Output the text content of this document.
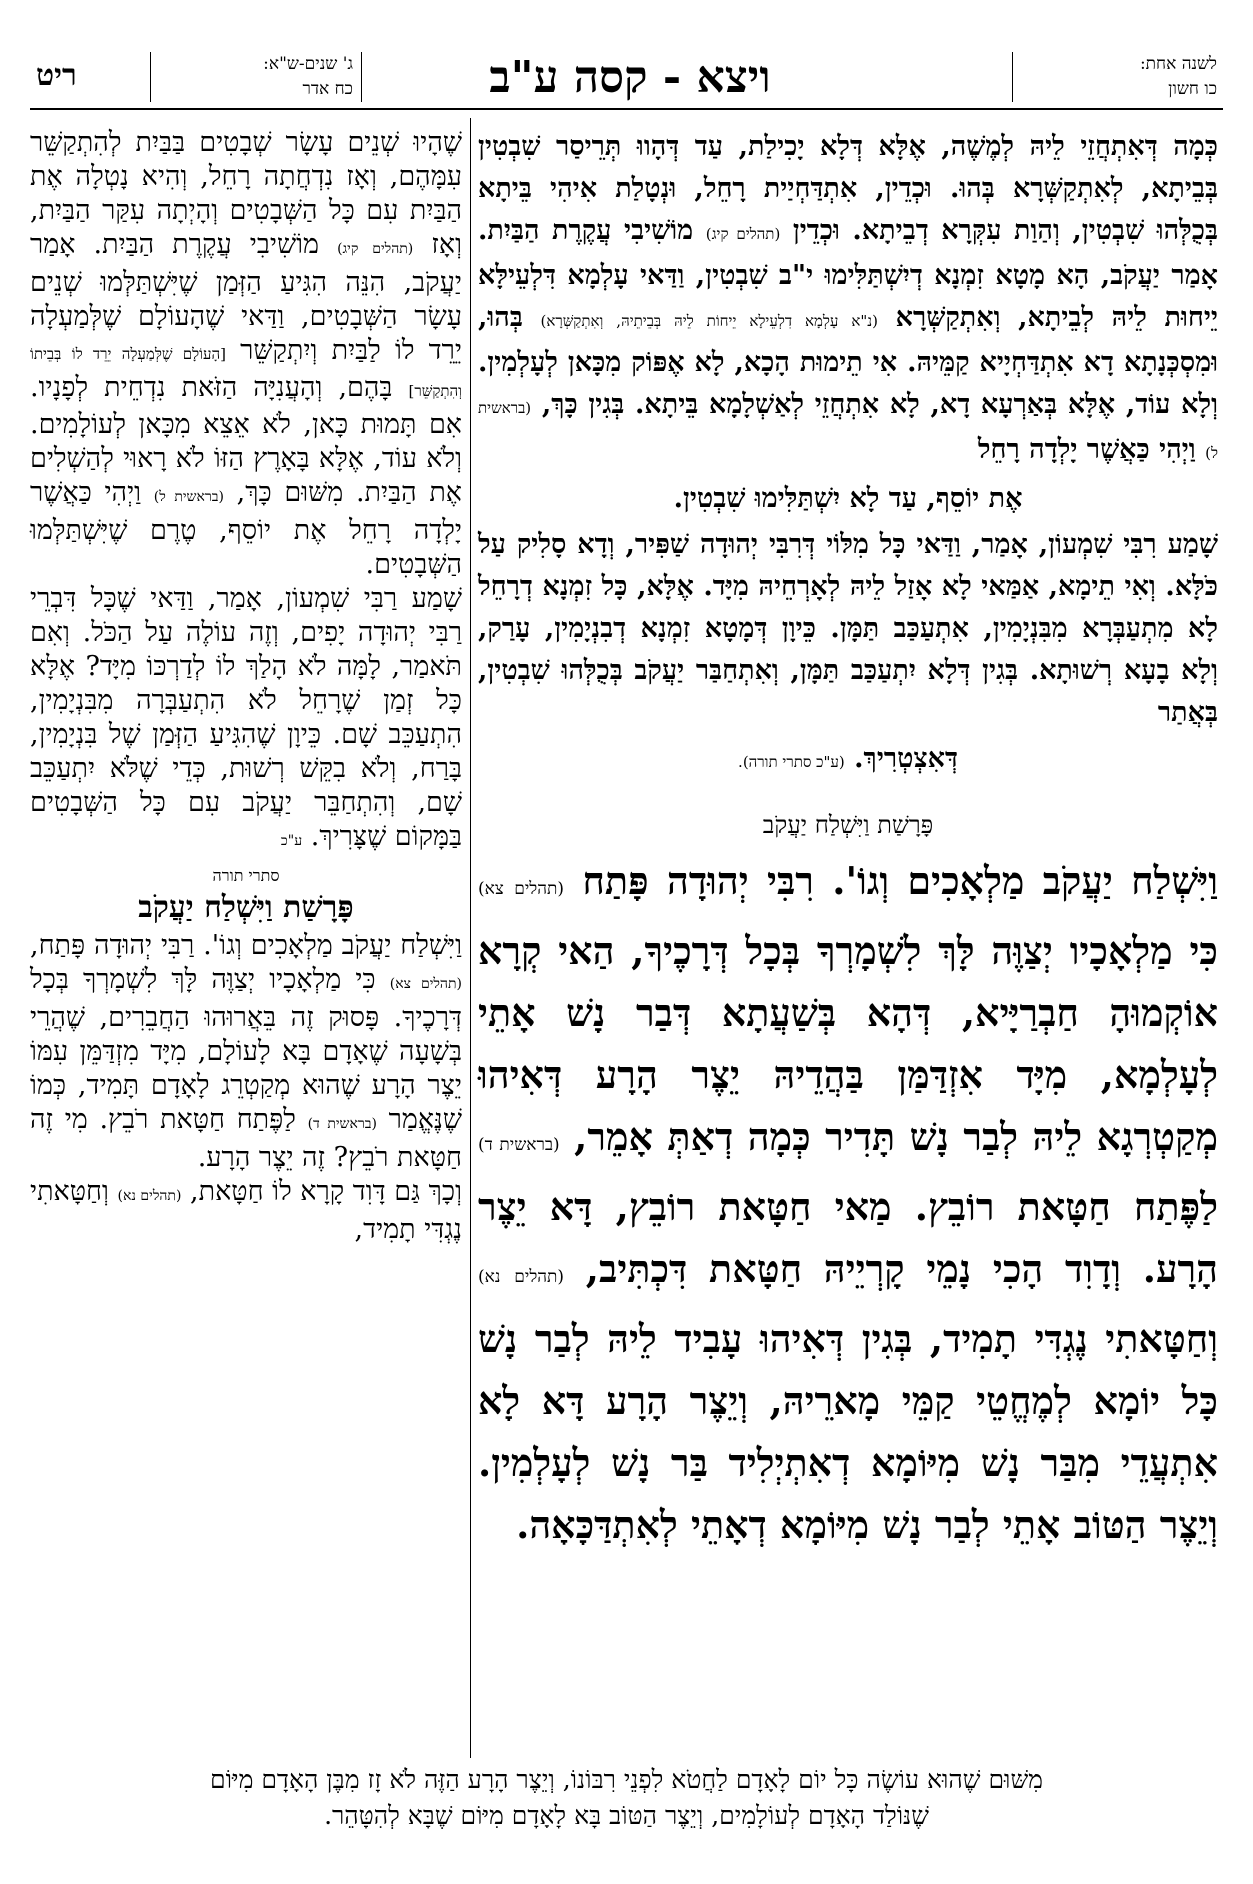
ריט	ג' שנים-ש"א:
כח אדר	ויצא - קסה ע"ב	לשנה אחת:
כו חשון

כְּמָה דְּאִתְחֲזֵי לֵיהּ לְמֶשֶׁה, אֶלָּא דְּלָא יָכִילַת, עַד דְּהָווּ תְּרֵיסַר שִׁבְטִין בְּבֵיתָא, לְאִתְקַשְּׁרָא בְּהוּ. וּכְדֵין, אִתְדַּחְיַית רָחֵל, וּנְטָלַת אִיהִי בֵּיתָא בְּכֻלְּהוּ שִׁבְטִין, וְהַוַת עִקְּרָא דְבֵיתָא. וּכְדֵין (תהלים קיג) מוֹשִׁיבִי עֲקֶרֶת הַבַּיִת. אָמַר יַעֲקֹב, הָא מָטָא זִמְנָא דְיִשְׁתַּלִּימוּ י"ב שִׁבְטִין, וַדַּאי עָלְמָא דִּלְעֵילָּא יֵיחוּת לֵיהּ לְבֵיתָא, וְאִתְקַשְּׁרָא (נ"א עָלְמָא דִלְעֵילָא יֵיחוֹת לֵיהּ בְּבֵיתֵיהּ, וְאִתְקַשְּׁרָא) בְּהוּ, וּמִסְכְּנָתָא דָא אִתְדַּחְיָיא קַמֵּיהּ. אִי תֵימוּת הָכָא, לָא אֶפּוֹק מִכָּאן לְעָלְמִין. וְלָא עוֹד, אֶלָּא בְּאַרְעָא דָא, לָא אִתְחֲזֵי לְאַשְׁלָמָא בֵּיתָא. בְּגִין כָּךְ, (בראשית ל) וַיְהִי כַּאֲשֶׁר יָלְדָה רָחֵל

אֶת יוֹסֵף, עַד לָא יִשְׁתַּלִּימוּ שִׁבְטִין.

שָׁמַע רִבִּי שִׁמְעוֹן, אָמַר, וַדַּאי כָּל מִלּוֹי דְּרִבִּי יְהוּדָה שַׁפִּיר, וְדָא סָלִיק עַל כֹּלָּא. וְאִי תֵימָא, אַמַּאי לָא אָזַל לֵיהּ לְאָרְחֵיהּ מִיָּד. אֶלָּא, כָּל זִמְנָא דְרָחֵל לָא מִתְעַבְּרָא מִבִּנְיָמִין, אִתְעַכַּב תַּמָּן. כֵּיוָן דְּמָטָא זִמְנָא דְבִנְיָמִין, עָרַק, וְלָא בָעָא רְשׁוּתָא. בְּגִין דְּלָא יִתְעַכַּב תַּמָּן, וְאִתְחַבַּר יַעֲקֹב בְּכֻלְּהוּ שִׁבְטִין, בְּאֲתַר

דְּאִצְטְרִיךְ. (ע"כ סתרי תורה).

פָּרָשַׁת וַיִּשְׁלַח יַעֲקֹב

וַיִּשְׁלַח יַעֲקֹב מַלְאָכִים וְגוֹ'. רִבִּי יְהוּדָה פָּתַח (תהלים צא) כִּי מַלְאָכָיו יְצַוֶּה לָּךְ לִשְׁמָרְךָ בְּכָל דְּרָכֶיךָ, הַאי קְרָא אוֹקְמוּהָ חַבְרַיָּיא, דְּהָא בְּשַׁעֲתָא דְּבַר נָשׁ אָתֵי לְעָלְמָא, מִיָּד אִזְדַּמַּן בַּהֲדֵיהּ יֵצֶר הָרָע דְּאִיהוּ מְקַטְרְגָא לֵיהּ לְבַר נָשׁ תָּדִיר כְּמָה דְאַתְּ אָמֵר, (בראשית ד) לַפֶּתַח חַטָּאת רוֹבֵץ. מַאי חַטָּאת רוֹבֵץ, דָּא יֵצֶר הָרָע. וְדָוִד הָכִי נָמֵי קָרְיֵיהּ חַטָּאת דִּכְתִּיב, (תהלים נא) וְחַטָּאתִי נֶגְדִּי תָמִיד, בְּגִין דְּאִיהוּ עָבִיד לֵיהּ לְבַר נָשׁ כָּל יוֹמָא לְמֶחֱטֵי קַמֵּי מָארֵיהּ, וְיֵצֶר הָרָע דָּא לָא אִתְעֲדֵי מִבַּר נָשׁ מִיּוֹמָא דְאִתְיְלִיד בַּר נָשׁ לְעָלְמִין. וְיֵצֶר הַטּוֹב אָתֵי לְבַר נָשׁ מִיּוֹמָא דְאָתֵי לְאִתְדַּכָּאָה.

שֶׁהָיוּ שְׁנֵים עָשָׂר שְׁבָטִים בַּבַּיִת לְהִתְקַשֵּׁר עִמָּהֶם, וְאָז נִדְחֲתָה רָחֵל, וְהִיא נָטְלָה אֶת הַבַּיִת עִם כָּל הַשְּׁבָטִים וְהָיְתָה עִקַּר הַבַּיִת, וְאָז (תהלים קיג) מוֹשִׁיבִי עֲקֶרֶת הַבַּיִת. אָמַר יַעֲקֹב, הִנֵּה הִגִּיעַ הַזְּמַן שֶׁיִּשְׁתַּלְּמוּ שְׁנֵים עָשָׂר הַשְּׁבָטִים, וַדַּאי שֶׁהָעוֹלָם שֶׁלְּמַעְלָה יֵרֵד לוֹ לַבַּיִת וְיִתְקַשֵּׁר [הָעוֹלָם שֶׁלְּמַעְלָה יֵרֵד לוֹ בְּבֵיתוֹ וְהִתְקַשֵּׁר] בָּהֶם, וְהָעֲנִיָּה הַזֹּאת נִדְחֵית לְפָנָיו. אִם תָּמוּת כָּאן, לֹא אֵצֵא מִכָּאן לְעוֹלָמִים. וְלֹא עוֹד, אֶלָּא בָּאָרֶץ הַזּוֹ לֹא רָאוּי לְהַשְׁלִים אֶת הַבַּיִת. מִשּׁוּם כָּךְ, (בראשית ל) וַיְהִי כַּאֲשֶׁר יָלְדָה רָחֵל אֶת יוֹסֵף, טֶרֶם שֶׁיִּשְׁתַּלְּמוּ הַשְּׁבָטִים.

שָׁמַע רַבִּי שִׁמְעוֹן, אָמַר, וַדַּאי שֶׁכָּל דִּבְרֵי רַבִּי יְהוּדָה יָפִים, וְזֶה עוֹלֶה עַל הַכֹּל. וְאִם תֹּאמַר, לָמָּה לֹא הָלַךְ לוֹ לְדַרְכּוֹ מִיָּד? אֶלָּא כָּל זְמַן שֶׁרָחֵל לֹא הִתְעַבְּרָה מִבִּנְיָמִין, הִתְעַכֵּב שָׁם. כֵּיוָן שֶׁהִגִּיעַ הַזְּמַן שֶׁל בִּנְיָמִין, בָּרַח, וְלֹא בִקֵּשׁ רְשׁוּת, כְּדֵי שֶׁלֹּא יִתְעַכֵּב שָׁם, וְהִתְחַבֵּר יַעֲקֹב עִם כָּל הַשְּׁבָטִים בַּמָּקוֹם שֶׁצָּרִיךְ. ע"כ

סתרי תורה
פָּרָשַׁת וַיִּשְׁלַח יַעֲקֹב

וַיִּשְׁלַח יַעֲקֹב מַלְאָכִים וְגוֹ'. רַבִּי יְהוּדָה פָּתַח, (תהלים צא) כִּי מַלְאָכָיו יְצַוֶּה לָּךְ לִשְׁמָרְךָ בְּכָל דְּרָכֶיךָ. פָּסוּק זֶה בֵּאֲרוּהוּ הַחֲבֵרִים, שֶׁהֲרֵי בְּשָׁעָה שֶׁאָדָם בָּא לָעוֹלָם, מִיָּד מִזְדַּמֵּן עִמּוֹ יֵצֶר הָרָע שֶׁהוּא מְקַטְרֵג לָאָדָם תָּמִיד, כְּמוֹ שֶׁנֶּאֱמַר (בראשית ד) לַפֶּתַח חַטָּאת רֹבֵץ. מִי זֶה חַטָּאת רֹבֵץ? זֶה יֵצֶר הָרָע.

וְכָךְ גַּם דָּוִד קָרָא לוֹ חַטָּאת, (תהלים נא) וְחַטָּאתִי נֶגְדִּי תָמִיד,

מִשּׁוּם שֶׁהוּא עוֹשֶׂה כָּל יוֹם לָאָדָם לַחֲטֹא לִפְנֵי רִבּוֹנוֹ, וְיֵצֶר הָרָע הַזֶּה לֹא זָז מִבֶּן הָאָדָם מִיּוֹם
שֶׁנּוֹלַד הָאָדָם לְעוֹלָמִים, וְיֵצֶר הַטּוֹב בָּא לָאָדָם מִיּוֹם שֶׁבָּא לְהִטָּהֵר.
